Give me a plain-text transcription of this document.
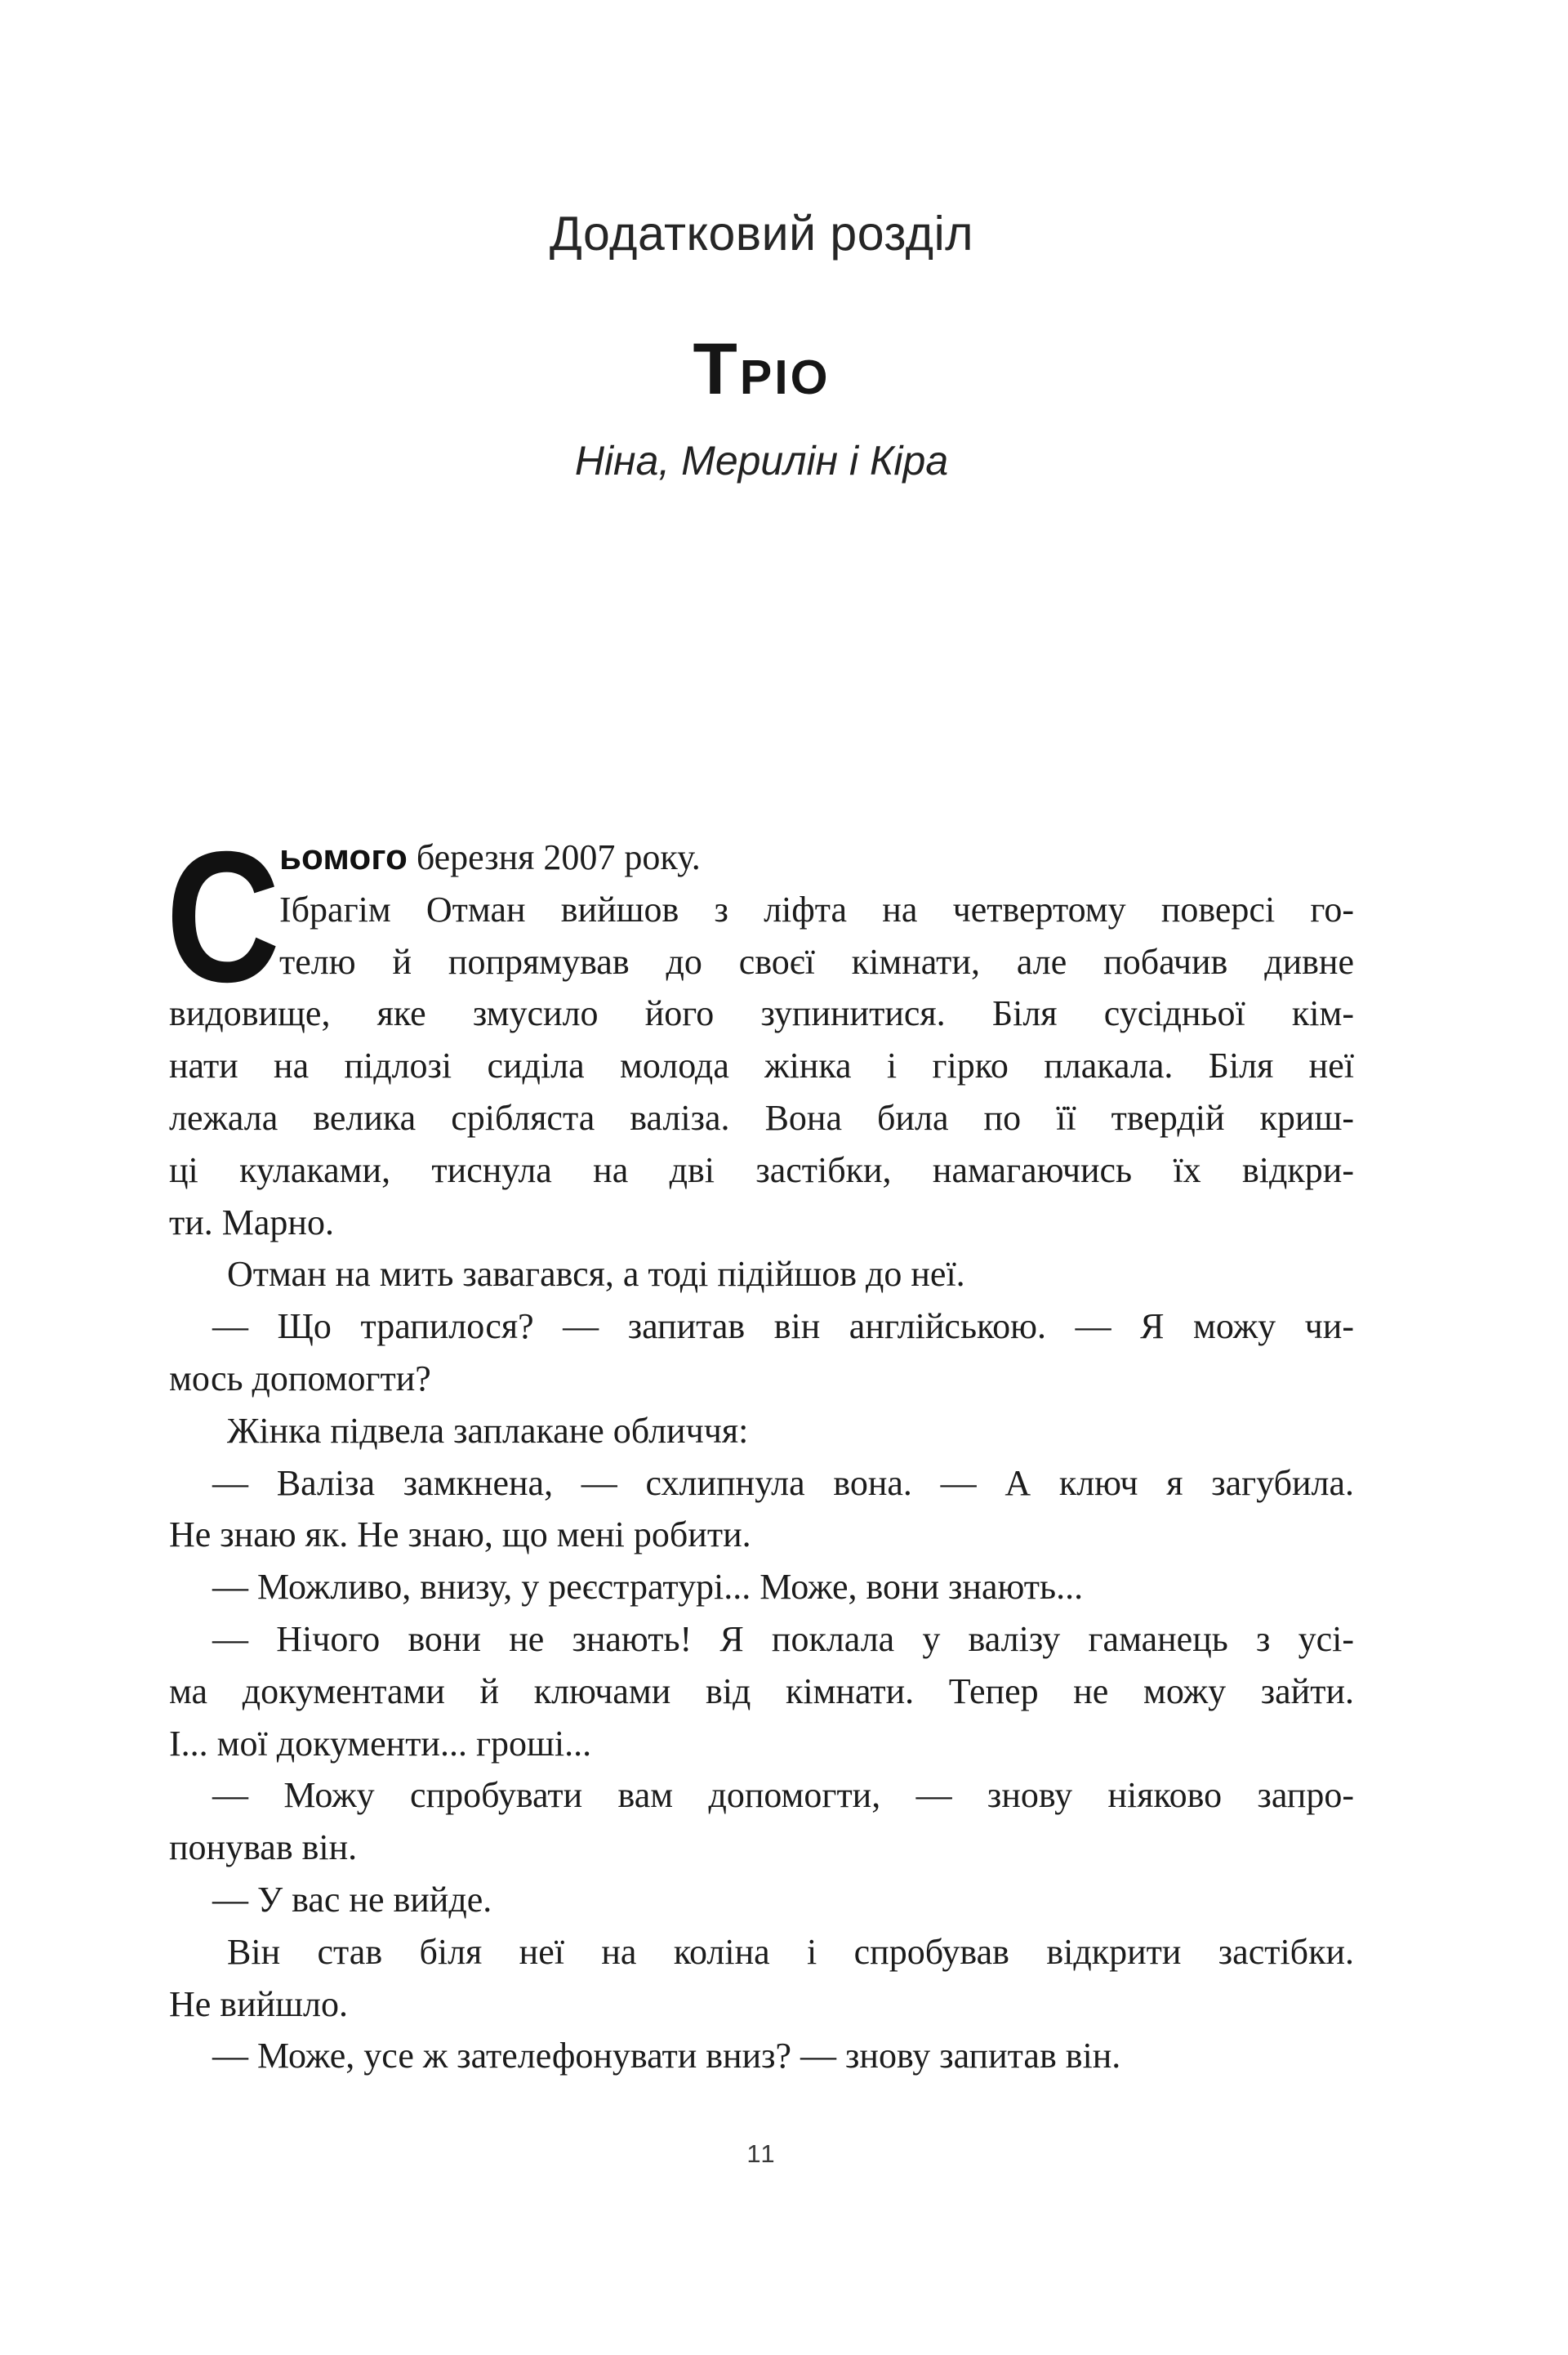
Додатковий розділ
ТРІО
Ніна, Мерилін і Кіра
С ьомого березня 2007 року.
Ібрагім Отман вийшов з ліфта на четвертому поверсі го-
телю й попрямував до своєї кімнати, але побачив дивне
видовище, яке змусило його зупинитися. Біля сусідньої кім-
нати на підлозі сиділа молода жінка і гірко плакала. Біля неї
лежала велика срібляста валіза. Вона била по її твердій криш-
ці кулаками, тиснула на дві застібки, намагаючись їх відкри-
ти. Марно.
Отман на мить завагався, а тоді підійшов до неї.
— Що трапилося? — запитав він англійською. — Я можу чи-
мось допомогти?
Жінка підвела заплакане обличчя:
— Валіза замкнена, — схлипнула вона. — А ключ я загубила.
Не знаю як. Не знаю, що мені робити.
— Можливо, внизу, у реєстратурі... Може, вони знають...
— Нічого вони не знають! Я поклала у валізу гаманець з усі-
ма документами й ключами від кімнати. Тепер не можу зайти.
І... мої документи... гроші...
— Можу спробувати вам допомогти, — знову ніяково запро-
понував він.
— У вас не вийде.
Він став біля неї на коліна і спробував відкрити застібки.
Не вийшло.
— Може, усе ж зателефонувати вниз? — знову запитав він.
11
